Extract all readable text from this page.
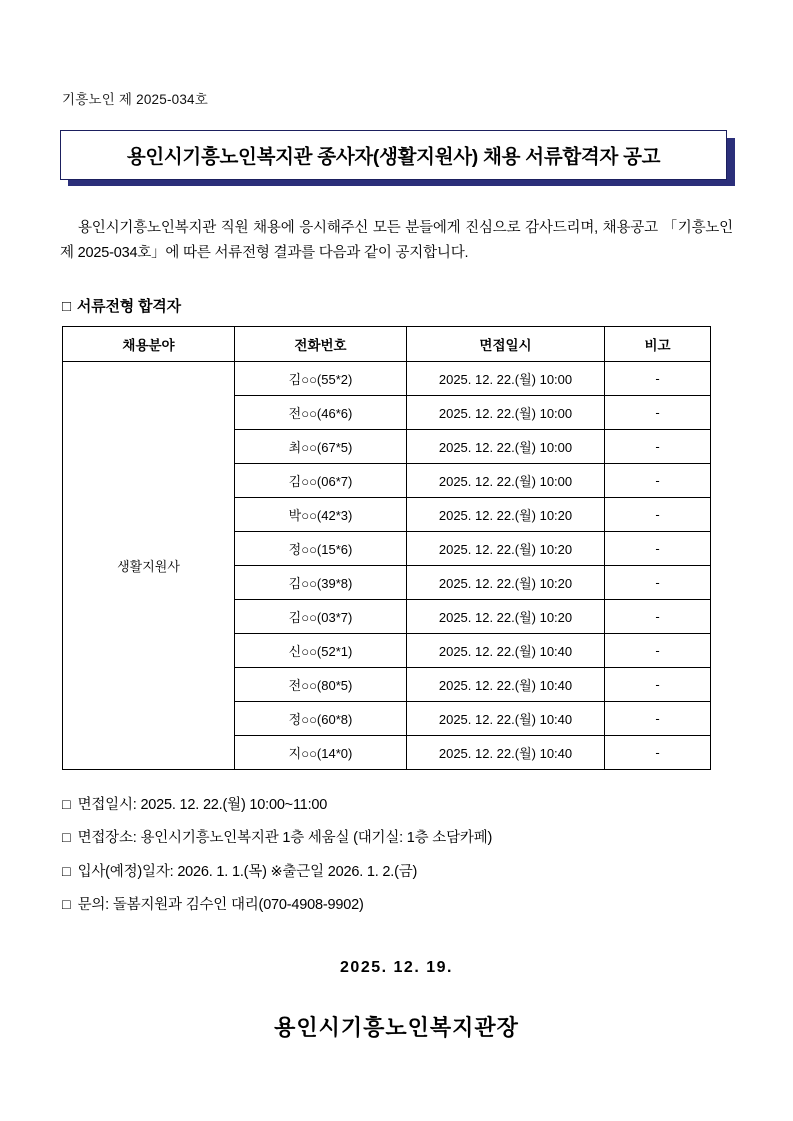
기흥노인 제 2025-034호
용인시기흥노인복지관 종사자(생활지원사) 채용 서류합격자 공고

용인시기흥노인복지관 직원 채용에 응시해주신 모든 분들에게 진심으로 감사드리며, 채용공고 「기흥노인 제 2025-034호」에 따른 서류전형 결과를 다음과 같이 공지합니다.

□ 서류전형 합격자
채용분야	전화번호	면접일시	비고
생활지원사	김○○(55*2)	2025. 12. 22.(월) 10:00	-
	전○○(46*6)	2025. 12. 22.(월) 10:00	-
	최○○(67*5)	2025. 12. 22.(월) 10:00	-
	김○○(06*7)	2025. 12. 22.(월) 10:00	-
	박○○(42*3)	2025. 12. 22.(월) 10:20	-
	정○○(15*6)	2025. 12. 22.(월) 10:20	-
	김○○(39*8)	2025. 12. 22.(월) 10:20	-
	김○○(03*7)	2025. 12. 22.(월) 10:20	-
	신○○(52*1)	2025. 12. 22.(월) 10:40	-
	전○○(80*5)	2025. 12. 22.(월) 10:40	-
	정○○(60*8)	2025. 12. 22.(월) 10:40	-
	지○○(14*0)	2025. 12. 22.(월) 10:40	-
□ 면접일시: 2025. 12. 22.(월) 10:00~11:00
□ 면접장소: 용인시기흥노인복지관 1층 세움실 (대기실: 1층 소담카페)
□ 입사(예정)일자: 2026. 1. 1.(목) ※출근일 2026. 1. 2.(금)
□ 문의: 돌봄지원과 김수인 대리(070-4908-9902)
2025. 12. 19.
용인시기흥노인복지관장
